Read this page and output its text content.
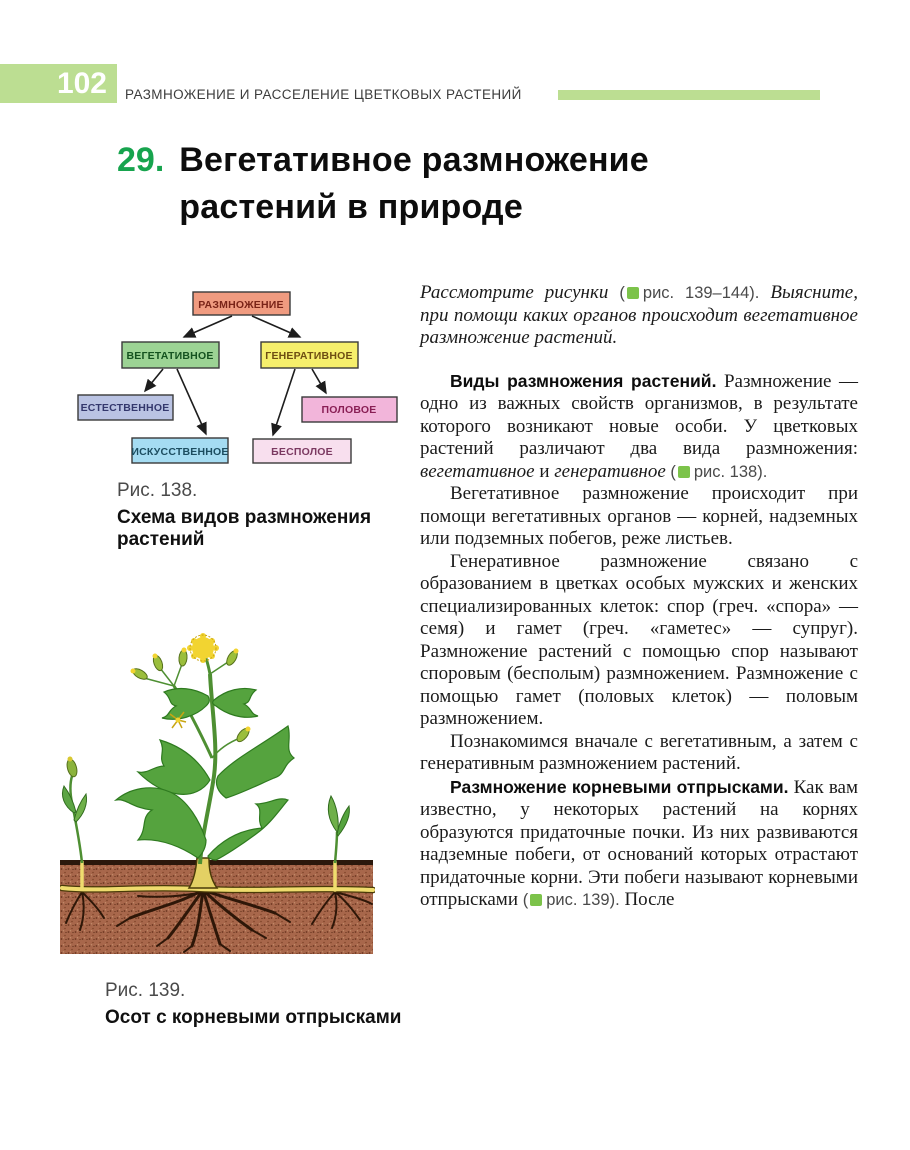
102	РАЗМНОЖЕНИЕ И РАССЕЛЕНИЕ ЦВЕТКОВЫХ РАСТЕНИЙ
29. Вегетативное размножение
растений в природе
РАЗМНОЖЕНИЕ
ВЕГЕТАТИВНОЕ	ГЕНЕРАТИВНОЕ
ЕСТЕСТВЕННОЕ
ИСКУССТВЕННОЕ
ПОЛОВОЕ
БЕСПОЛОЕ
Рис. 138.
Схема видов размножения
растений
Рис. 139.
Осот с корневыми отпрысками

Рассмотрите рисунки ( рис. 139–144). Выясните, при помощи каких органов происходит вегетативное размножение растений.

Виды размножения растений. Размножение — одно из важных свойств организмов, в результате которого возникают новые особи. У цветковых растений различают два вида размножения: вегетативное и генеративное ( рис. 138).

Вегетативное размножение происходит при помощи вегетативных органов — корней, надземных или подземных побегов, реже листьев.

Генеративное размножение связано с образованием в цветках особых мужских и женских специализированных клеток: спор (греч. «спора» — семя) и гамет (греч. «гаметес» — супруг). Размножение растений с помощью спор называют споровым (бесполым) размножением. Размножение с помощью гамет (половых клеток) — половым размножением.

Познакомимся вначале с вегетативным, а затем с генеративным размножением растений.

Размножение корневыми отпрысками. Как вам известно, у некоторых растений на корнях образуются придаточные почки. Из них развиваются надземные побеги, от оснований которых отрастают придаточные корни. Эти побеги называют корневыми отпрысками ( рис. 139). После
